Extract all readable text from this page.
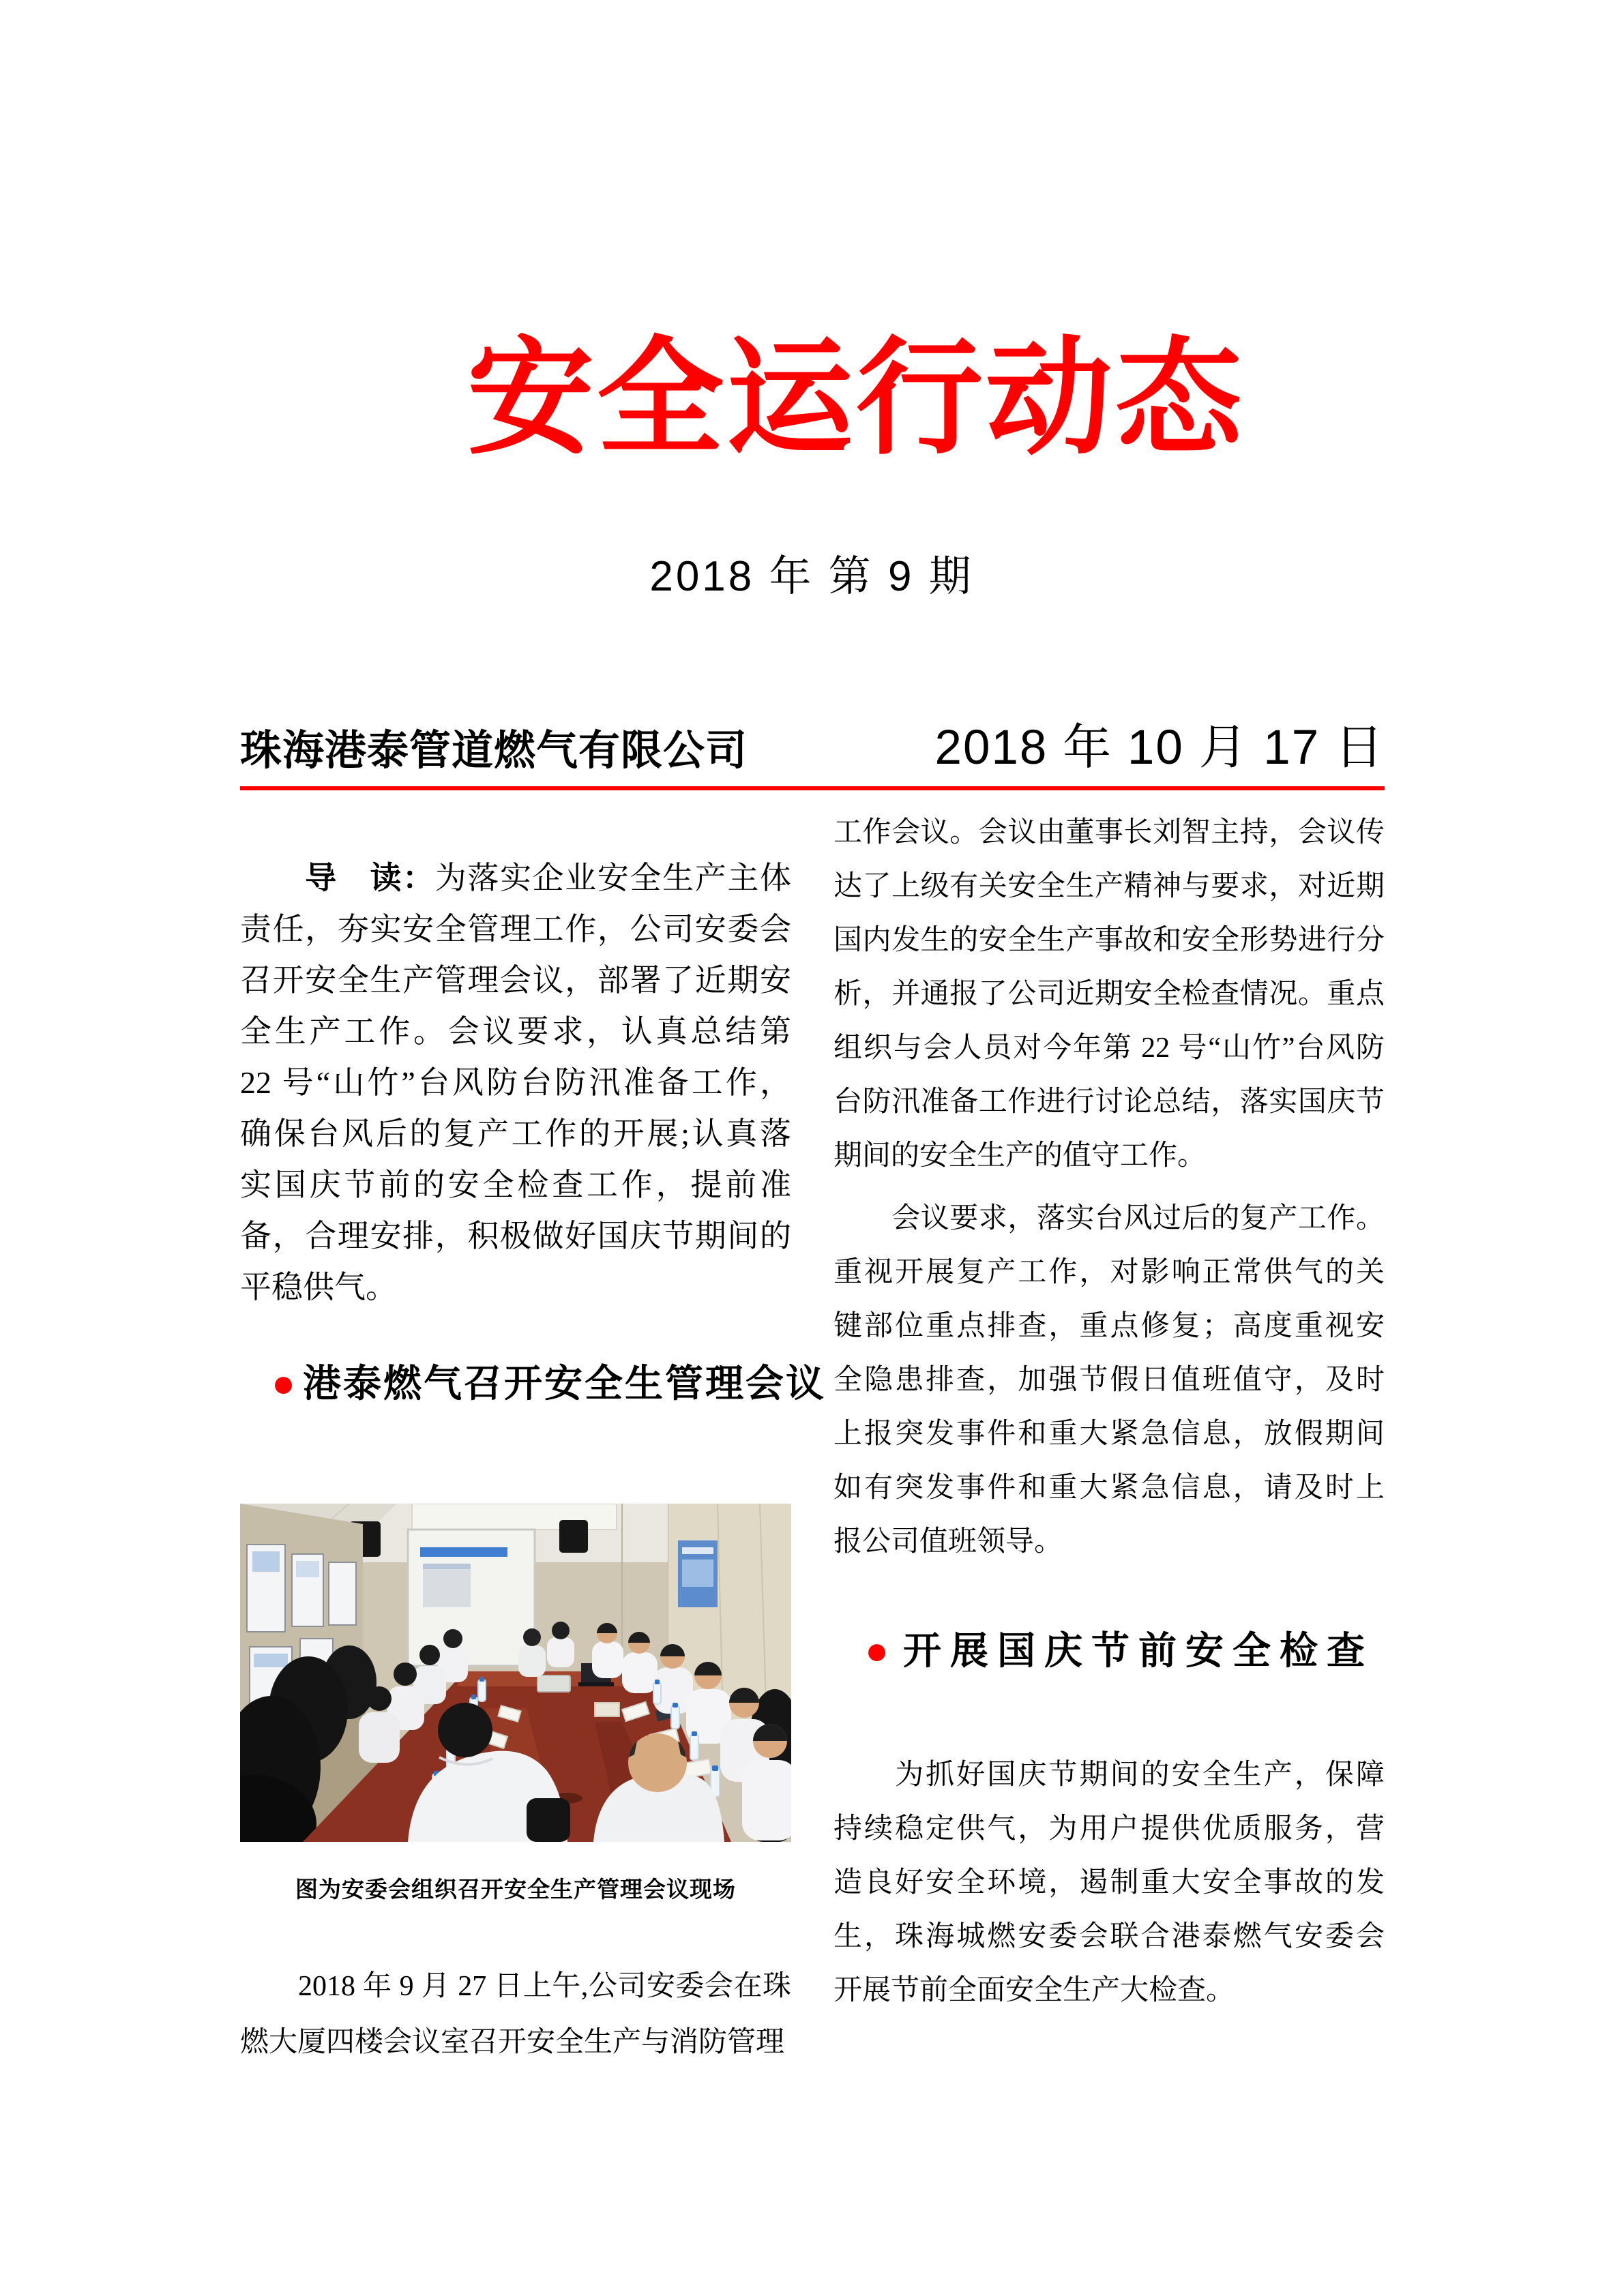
安全运行动态
2018 年 第 9 期
珠海港泰管道燃气有限公司	2018 年 10 月 17 日
　　导　读：为落实企业安全生产主体
责任，夯实安全管理工作，公司安委会
召开安全生产管理会议，部署了近期安
全生产工作。会议要求，认真总结第
22 号“山竹”台风防台防汛准备工作，
确保台风后的复产工作的开展;认真落
实国庆节前的安全检查工作，提前准
备，合理安排，积极做好国庆节期间的
平稳供气。
● 港泰燃气召开安全生管理会议
图为安委会组织召开安全生产管理会议现场
　　2018 年 9 月 27 日上午,公司安委会在珠
燃大厦四楼会议室召开安全生产与消防管理
工作会议。会议由董事长刘智主持，会议传
达了上级有关安全生产精神与要求，对近期
国内发生的安全生产事故和安全形势进行分
析，并通报了公司近期安全检查情况。重点
组织与会人员对今年第 22 号“山竹”台风防
台防汛准备工作进行讨论总结，落实国庆节
期间的安全生产的值守工作。
　　会议要求，落实台风过后的复产工作。
重视开展复产工作，对影响正常供气的关
键部位重点排查，重点修复；高度重视安
全隐患排查，加强节假日值班值守，及时
上报突发事件和重大紧急信息，放假期间
如有突发事件和重大紧急信息，请及时上
报公司值班领导。
● 开展国庆节前安全检查
　　为抓好国庆节期间的安全生产，保障
持续稳定供气，为用户提供优质服务，营
造良好安全环境，遏制重大安全事故的发
生，珠海城燃安委会联合港泰燃气安委会
开展节前全面安全生产大检查。
